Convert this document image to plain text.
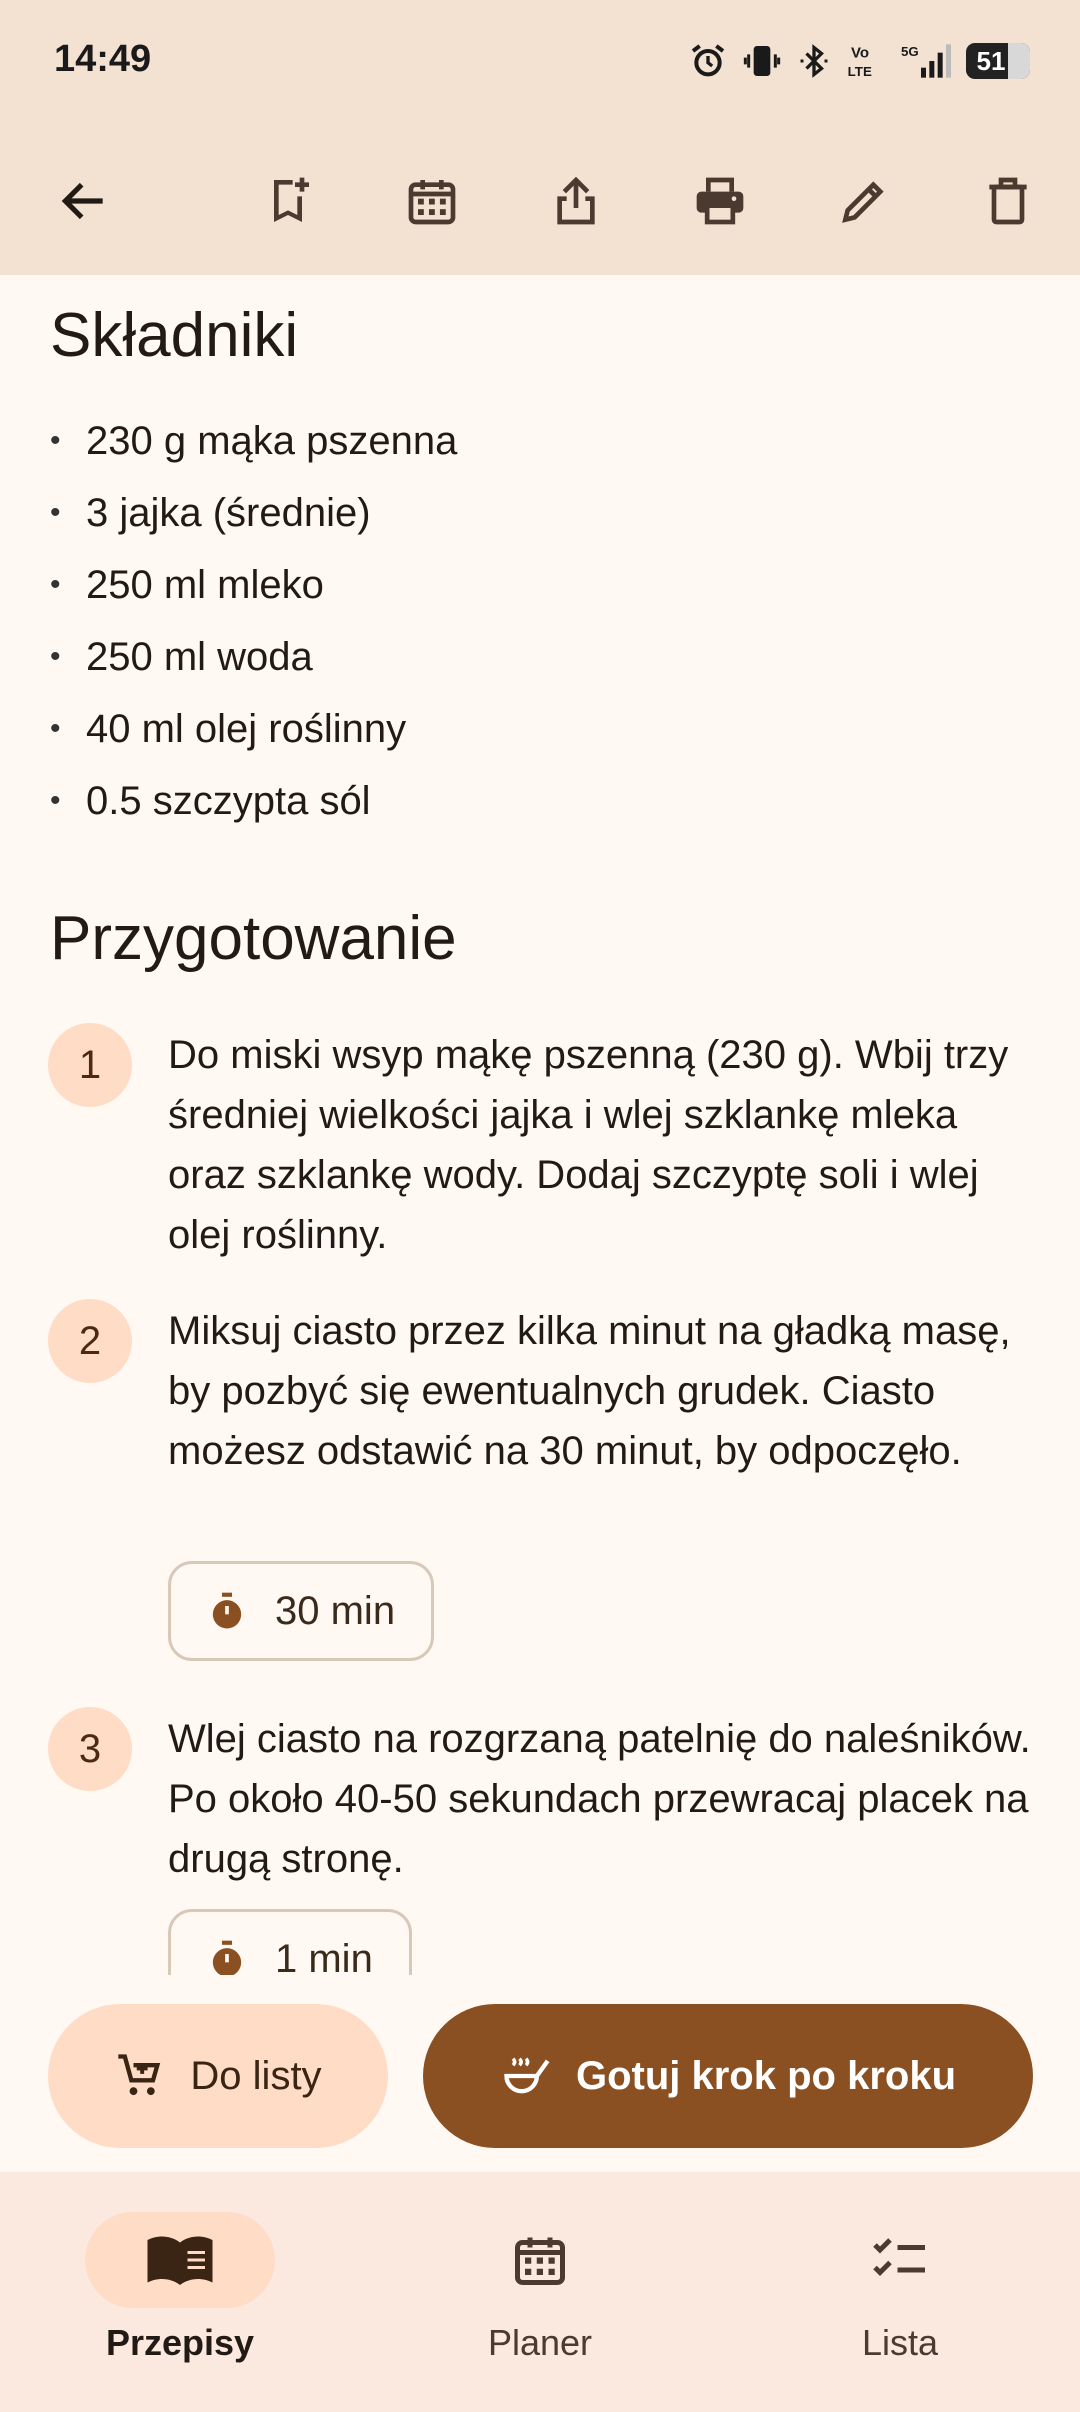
14:49	Vo
LTE
5G 51
Składniki
• 230 g mąka pszenna
• 3 jajka (średnie)
• 250 ml mleko
• 250 ml woda
• 40 ml olej roślinny
• 0.5 szczypta sól
Przygotowanie
1	Do miski wsyp mąkę pszenną (230 g). Wbij trzy średniej wielkości jajka i wlej szklankę mleka oraz szklankę wody. Dodaj szczyptę soli i wlej olej roślinny.
2	Miksuj ciasto przez kilka minut na gładką masę, by pozbyć się ewentualnych grudek. Ciasto możesz odstawić na 30 minut, by odpoczęło.
30 min
3	Wlej ciasto na rozgrzaną patelnię do naleśników. Po około 40-50 sekundach przewracaj placek na drugą stronę.
1 min
Do listy	Gotuj krok po kroku
Przepisy	Planer	Lista
